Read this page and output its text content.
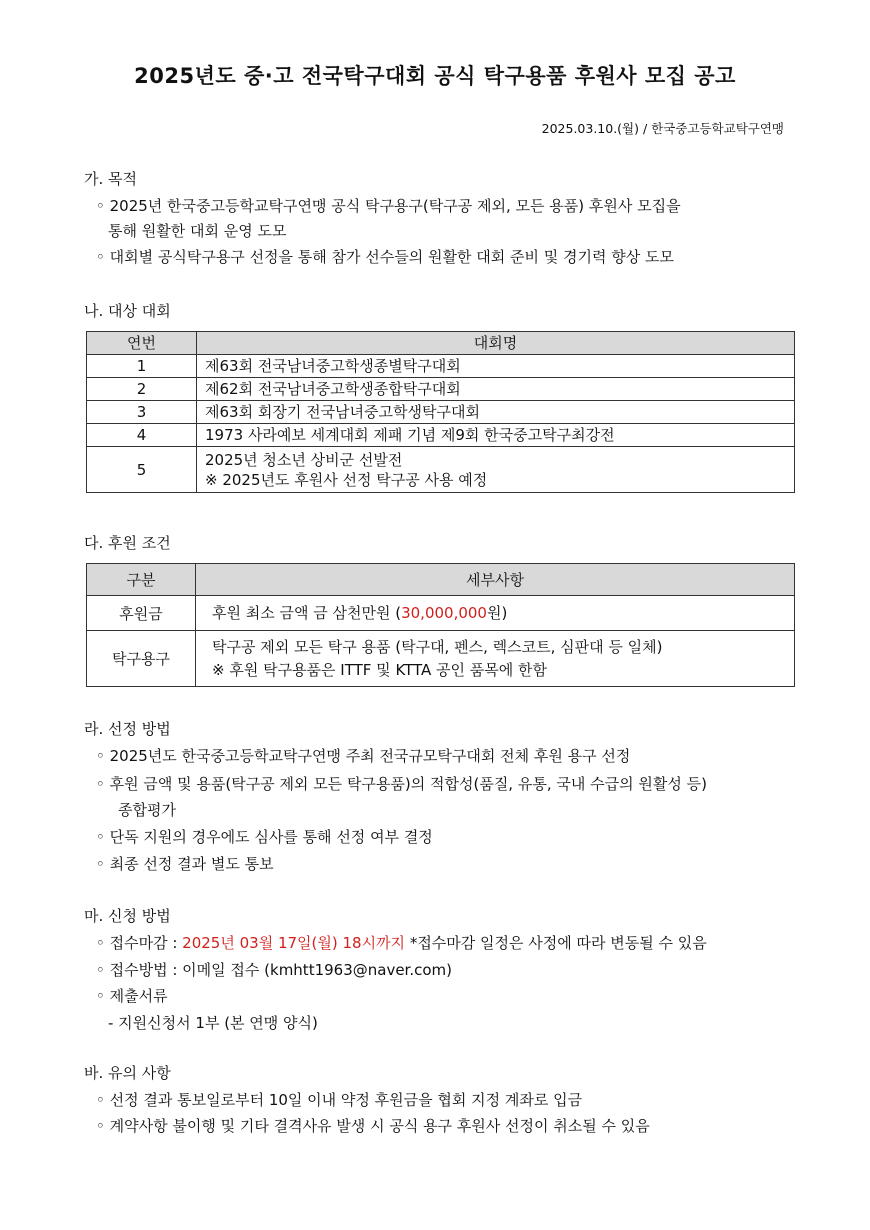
2025년도 중·고 전국탁구대회 공식 탁구용품 후원사 모집 공고
2025.03.10.(월) / 한국중고등학교탁구연맹
가. 목적
◦ 2025년 한국중고등학교탁구연맹 공식 탁구용구(탁구공 제외, 모든 용품) 후원사 모집을
통해 원활한 대회 운영 도모
◦ 대회별 공식탁구용구 선정을 통해 참가 선수들의 원활한 대회 준비 및 경기력 향상 도모
나. 대상 대회
연번	대회명
1	제63회 전국남녀중고학생종별탁구대회
2	제62회 전국남녀중고학생종합탁구대회
3	제63회 회장기 전국남녀중고학생탁구대회
4	1973 사라예보 세계대회 제패 기념 제9회 한국중고탁구최강전
5	2025년 청소년 상비군 선발전
※ 2025년도 후원사 선정 탁구공 사용 예정
다. 후원 조건
구분	세부사항
후원금	후원 최소 금액 금 삼천만원 (30,000,000원)
탁구용구	탁구공 제외 모든 탁구 용품 (탁구대, 펜스, 렉스코트, 심판대 등 일체)
※ 후원 탁구용품은 ITTF 및 KTTA 공인 품목에 한함
라. 선정 방법
◦ 2025년도 한국중고등학교탁구연맹 주최 전국규모탁구대회 전체 후원 용구 선정
◦ 후원 금액 및 용품(탁구공 제외 모든 탁구용품)의 적합성(품질, 유통, 국내 수급의 원활성 등)
종합평가
◦ 단독 지원의 경우에도 심사를 통해 선정 여부 결정
◦ 최종 선정 결과 별도 통보
마. 신청 방법
◦ 접수마감 : 2025년 03월 17일(월) 18시까지 *접수마감 일정은 사정에 따라 변동될 수 있음
◦ 접수방법 : 이메일 접수 (kmhtt1963@naver.com)
◦ 제출서류
- 지원신청서 1부 (본 연맹 양식)
바. 유의 사항
◦ 선정 결과 통보일로부터 10일 이내 약정 후원금을 협회 지정 계좌로 입금
◦ 계약사항 불이행 및 기타 결격사유 발생 시 공식 용구 후원사 선정이 취소될 수 있음
